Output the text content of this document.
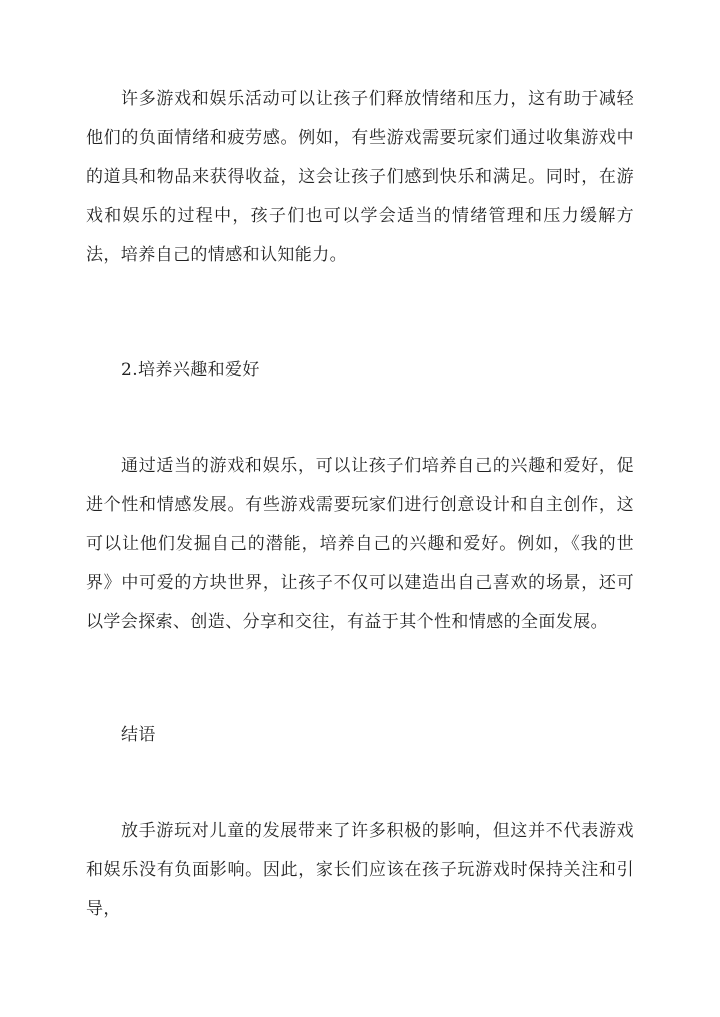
许多游戏和娱乐活动可以让孩子们释放情绪和压力，这有助于减轻他们的负面情绪和疲劳感。例如，有些游戏需要玩家们通过收集游戏中的道具和物品来获得收益，这会让孩子们感到快乐和满足。同时，在游戏和娱乐的过程中，孩子们也可以学会适当的情绪管理和压力缓解方法，培养自己的情感和认知能力。

2.培养兴趣和爱好

通过适当的游戏和娱乐，可以让孩子们培养自己的兴趣和爱好，促进个性和情感发展。有些游戏需要玩家们进行创意设计和自主创作，这可以让他们发掘自己的潜能，培养自己的兴趣和爱好。例如，《我的世界》中可爱的方块世界，让孩子不仅可以建造出自己喜欢的场景，还可以学会探索、创造、分享和交往，有益于其个性和情感的全面发展。

结语

放手游玩对儿童的发展带来了许多积极的影响，但这并不代表游戏和娱乐没有负面影响。因此，家长们应该在孩子玩游戏时保持关注和引导，
